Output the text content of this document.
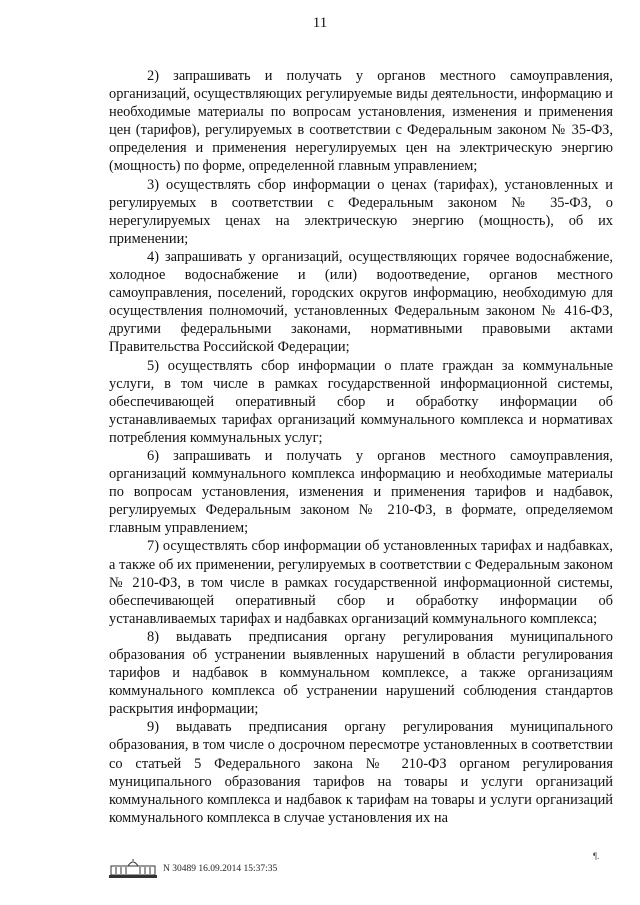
11

2) запрашивать и получать у органов местного самоуправления, организаций, осуществляющих регулируемые виды деятельности, информацию и необходимые материалы по вопросам установления, изменения и применения цен (тарифов), регулируемых в соответствии с Федеральным законом № 35-ФЗ, определения и применения нерегулируемых цен на электрическую энергию (мощность) по форме, определенной главным управлением;

3) осуществлять сбор информации о ценах (тарифах), установленных и регулируемых в соответствии с Федеральным законом № 35-ФЗ, о нерегулируемых ценах на электрическую энергию (мощность), об их применении;

4) запрашивать у организаций, осуществляющих горячее водоснабжение, холодное водоснабжение и (или) водоотведение, органов местного самоуправления, поселений, городских округов информацию, необходимую для осуществления полномочий, установленных Федеральным законом № 416-ФЗ, другими федеральными законами, нормативными правовыми актами Правительства Российской Федерации;

5) осуществлять сбор информации о плате граждан за коммунальные услуги, в том числе в рамках государственной информационной системы, обеспечивающей оперативный сбор и обработку информации об устанавливаемых тарифах организаций коммунального комплекса и нормативах потребления коммунальных услуг;

6) запрашивать и получать у органов местного самоуправления, организаций коммунального комплекса информацию и необходимые материалы по вопросам установления, изменения и применения тарифов и надбавок, регулируемых Федеральным законом № 210-ФЗ, в формате, определяемом главным управлением;

7) осуществлять сбор информации об установленных тарифах и надбавках, а также об их применении, регулируемых в соответствии с Федеральным законом № 210-ФЗ, в том числе в рамках государственной информационной системы, обеспечивающей оперативный сбор и обработку информации об устанавливаемых тарифах и надбавках организаций коммунального комплекса;

8) выдавать предписания органу регулирования муниципального образования об устранении выявленных нарушений в области регулирования тарифов и надбавок в коммунальном комплексе, а также организациям коммунального комплекса об устранении нарушений соблюдения стандартов раскрытия информации;

9) выдавать предписания органу регулирования муниципального образования, в том числе о досрочном пересмотре установленных в соответствии со статьей 5 Федерального закона № 210-ФЗ органом регулирования муниципального образования тарифов на товары и услуги организаций коммунального комплекса и надбавок к тарифам на товары и услуги организаций коммунального комплекса в случае установления их на

N 30489 16.09.2014 15:37:35
¶.
